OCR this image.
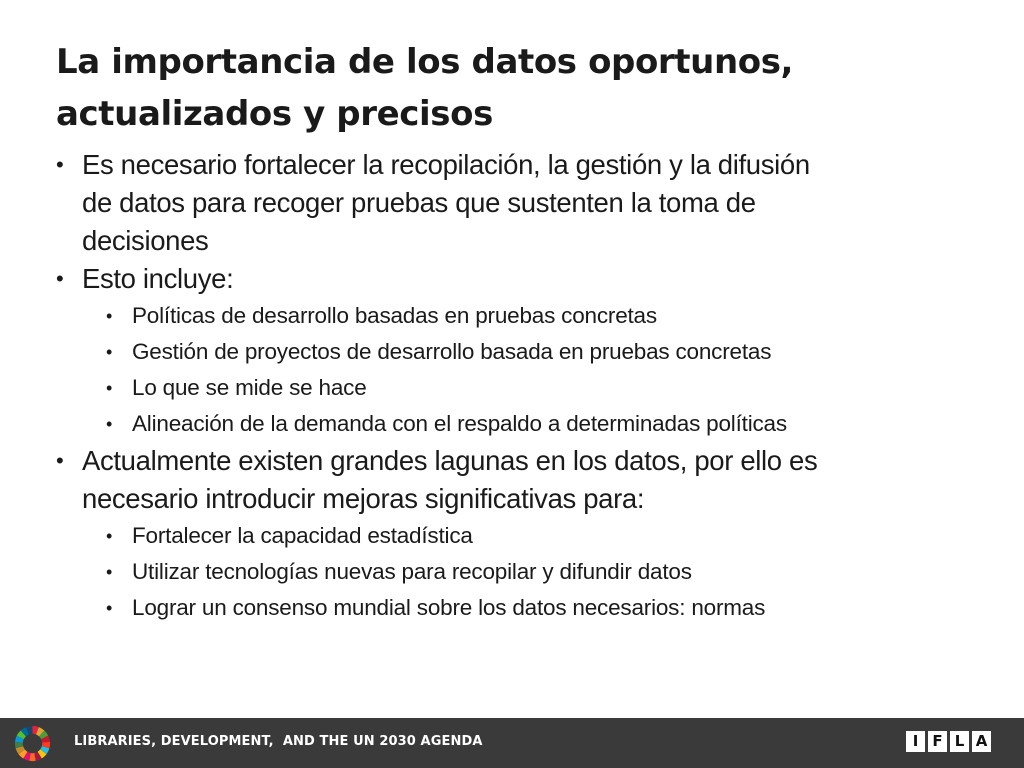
La importancia de los datos oportunos,
actualizados y precisos
• Es necesario fortalecer la recopilación, la gestión y la difusión
de datos para recoger pruebas que sustenten la toma de
decisiones
• Esto incluye:
• Políticas de desarrollo basadas en pruebas concretas
• Gestión de proyectos de desarrollo basada en pruebas concretas
• Lo que se mide se hace
• Alineación de la demanda con el respaldo a determinadas políticas
• Actualmente existen grandes lagunas en los datos, por ello es
necesario introducir mejoras significativas para:
• Fortalecer la capacidad estadística
• Utilizar tecnologías nuevas para recopilar y difundir datos
• Lograr un consenso mundial sobre los datos necesarios: normas
LIBRARIES, DEVELOPMENT,  AND THE UN 2030 AGENDA	I F L A
